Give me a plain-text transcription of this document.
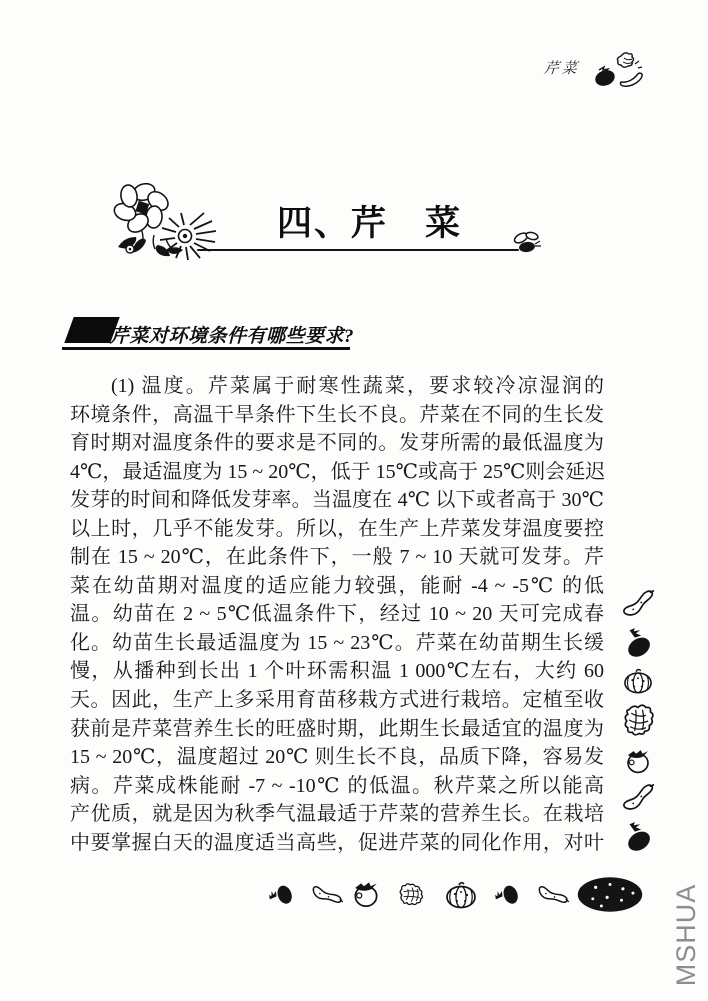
芹菜
四、芹　菜
芹菜对环境条件有哪些要求?
(1) 温度。芹菜属于耐寒性蔬菜，要求较冷凉湿润的
环境条件，高温干旱条件下生长不良。芹菜在不同的生长发
育时期对温度条件的要求是不同的。发芽所需的最低温度为
4℃，最适温度为 15 ~ 20℃，低于 15℃或高于 25℃则会延迟
发芽的时间和降低发芽率。当温度在 4℃ 以下或者高于 30℃
以上时，几乎不能发芽。所以，在生产上芹菜发芽温度要控
制在 15 ~ 20℃，在此条件下，一般 7 ~ 10 天就可发芽。芹
菜在幼苗期对温度的适应能力较强，能耐 -4 ~ -5℃ 的低
温。幼苗在 2 ~ 5℃低温条件下，经过 10 ~ 20 天可完成春
化。幼苗生长最适温度为 15 ~ 23℃。芹菜在幼苗期生长缓
慢，从播种到长出 1 个叶环需积温 1 000℃左右，大约 60
天。因此，生产上多采用育苗移栽方式进行栽培。定植至收
获前是芹菜营养生长的旺盛时期，此期生长最适宜的温度为
15 ~ 20℃，温度超过 20℃ 则生长不良，品质下降，容易发
病。芹菜成株能耐 -7 ~ -10℃ 的低温。秋芹菜之所以能高
产优质，就是因为秋季气温最适于芹菜的营养生长。在栽培
中要掌握白天的温度适当高些，促进芹菜的同化作用，对叶
MSHUA
